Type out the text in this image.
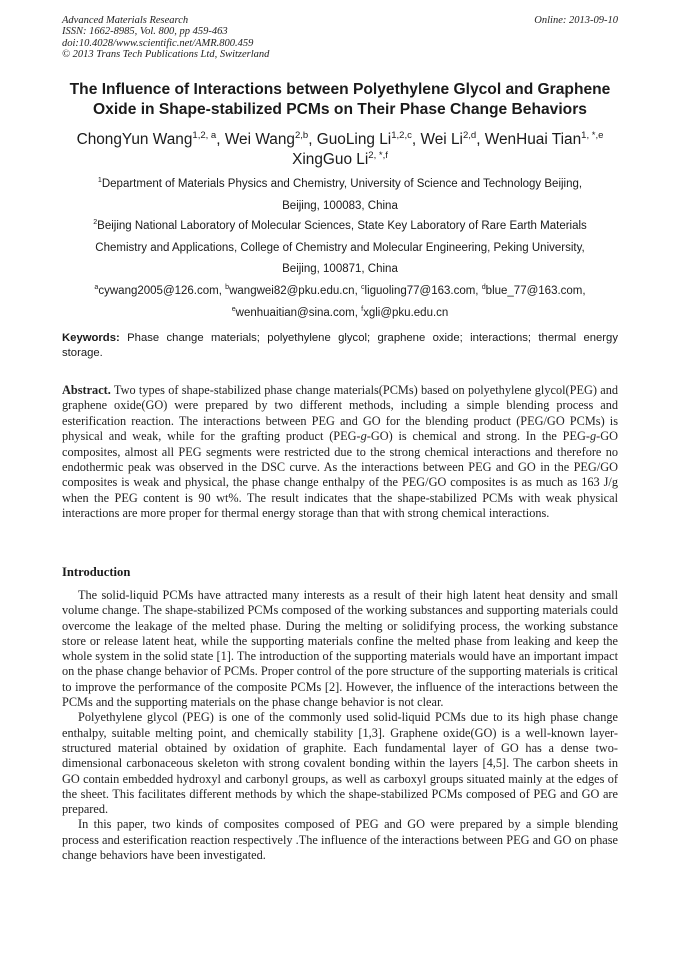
Advanced Materials Research
ISSN: 1662-8985, Vol. 800, pp 459-463
doi:10.4028/www.scientific.net/AMR.800.459
© 2013 Trans Tech Publications Ltd, Switzerland
Online: 2013-09-10
The Influence of Interactions between Polyethylene Glycol and Graphene
Oxide in Shape-stabilized PCMs on Their Phase Change Behaviors
ChongYun Wang$^{1,2, a}$, Wei Wang$^{2,b}$, GuoLing Li$^{1,2,c}$, Wei Li$^{2,d}$, WenHuai Tian$^{1, *,e}$
XingGuo $Li^{2, *,f}$
$^1$Department of Materials Physics and Chemistry, University of Science and Technology Beijing,
Beijing, 100083, China
$^2$Beijing National Laboratory of Molecular Sciences, State Key Laboratory of Rare Earth Materials
Chemistry and Applications, College of Chemistry and Molecular Engineering, Peking University,
Beijing, 100871, China
$^a$cywang2005@126.com, $^b$wangwei82@pku.edu.cn, $^c$liguoling77@163.com, $^d$blue_77@163.com,
$^e$wenhuaitian@sina.com, $^f$xgli@pku.edu.cn
Keywords: Phase change materials; polyethylene glycol; graphene oxide; interactions; thermal energy storage.
Abstract. Two types of shape-stabilized phase change materials(PCMs) based on polyethylene glycol(PEG) and graphene oxide(GO) were prepared by two different methods, including a simple blending process and esterification reaction. The interactions between PEG and GO for the blending product (PEG/GO PCMs) is physical and weak, while for the grafting product (PEG-g-GO) is chemical and strong. In the PEG-g-GO composites, almost all PEG segments were restricted due to the strong chemical interactions and therefore no endothermic peak was observed in the DSC curve. As the interactions between PEG and GO in the PEG/GO composites is weak and physical, the phase change enthalpy of the PEG/GO composites is as much as 163 J/g when the PEG content is 90 wt%. The result indicates that the shape-stabilized PCMs with weak physical interactions are more proper for thermal energy storage than that with strong chemical interactions.
Introduction

The solid-liquid PCMs have attracted many interests as a result of their high latent heat density and small volume change. The shape-stabilized PCMs composed of the working substances and supporting materials could overcome the leakage of the melted phase. During the melting or solidifying process, the working substance store or release latent heat, while the supporting materials confine the melted phase from leaking and keep the whole system in the solid state [1]. The introduction of the supporting materials would have an important impact on the phase change behavior of PCMs. Proper control of the pore structure of the supporting materials is critical to improve the performance of the composite PCMs [2]. However, the influence of the interactions between the PCMs and the supporting materials on the phase change behavior is not clear.

Polyethylene glycol (PEG) is one of the commonly used solid-liquid PCMs due to its high phase change enthalpy, suitable melting point, and chemically stability [1,3]. Graphene oxide(GO) is a well-known layer-structured material obtained by oxidation of graphite. Each fundamental layer of GO has a dense two-dimensional carbonaceous skeleton with strong covalent bonding within the layers [4,5]. The carbon sheets in GO contain embedded hydroxyl and carbonyl groups, as well as carboxyl groups situated mainly at the edges of the sheet. This facilitates different methods by which the shape-stabilized PCMs composed of PEG and GO are prepared.

In this paper, two kinds of composites composed of PEG and GO were prepared by a simple blending process and esterification reaction respectively .The influence of the interactions between PEG and GO on phase change behaviors have been investigated.
